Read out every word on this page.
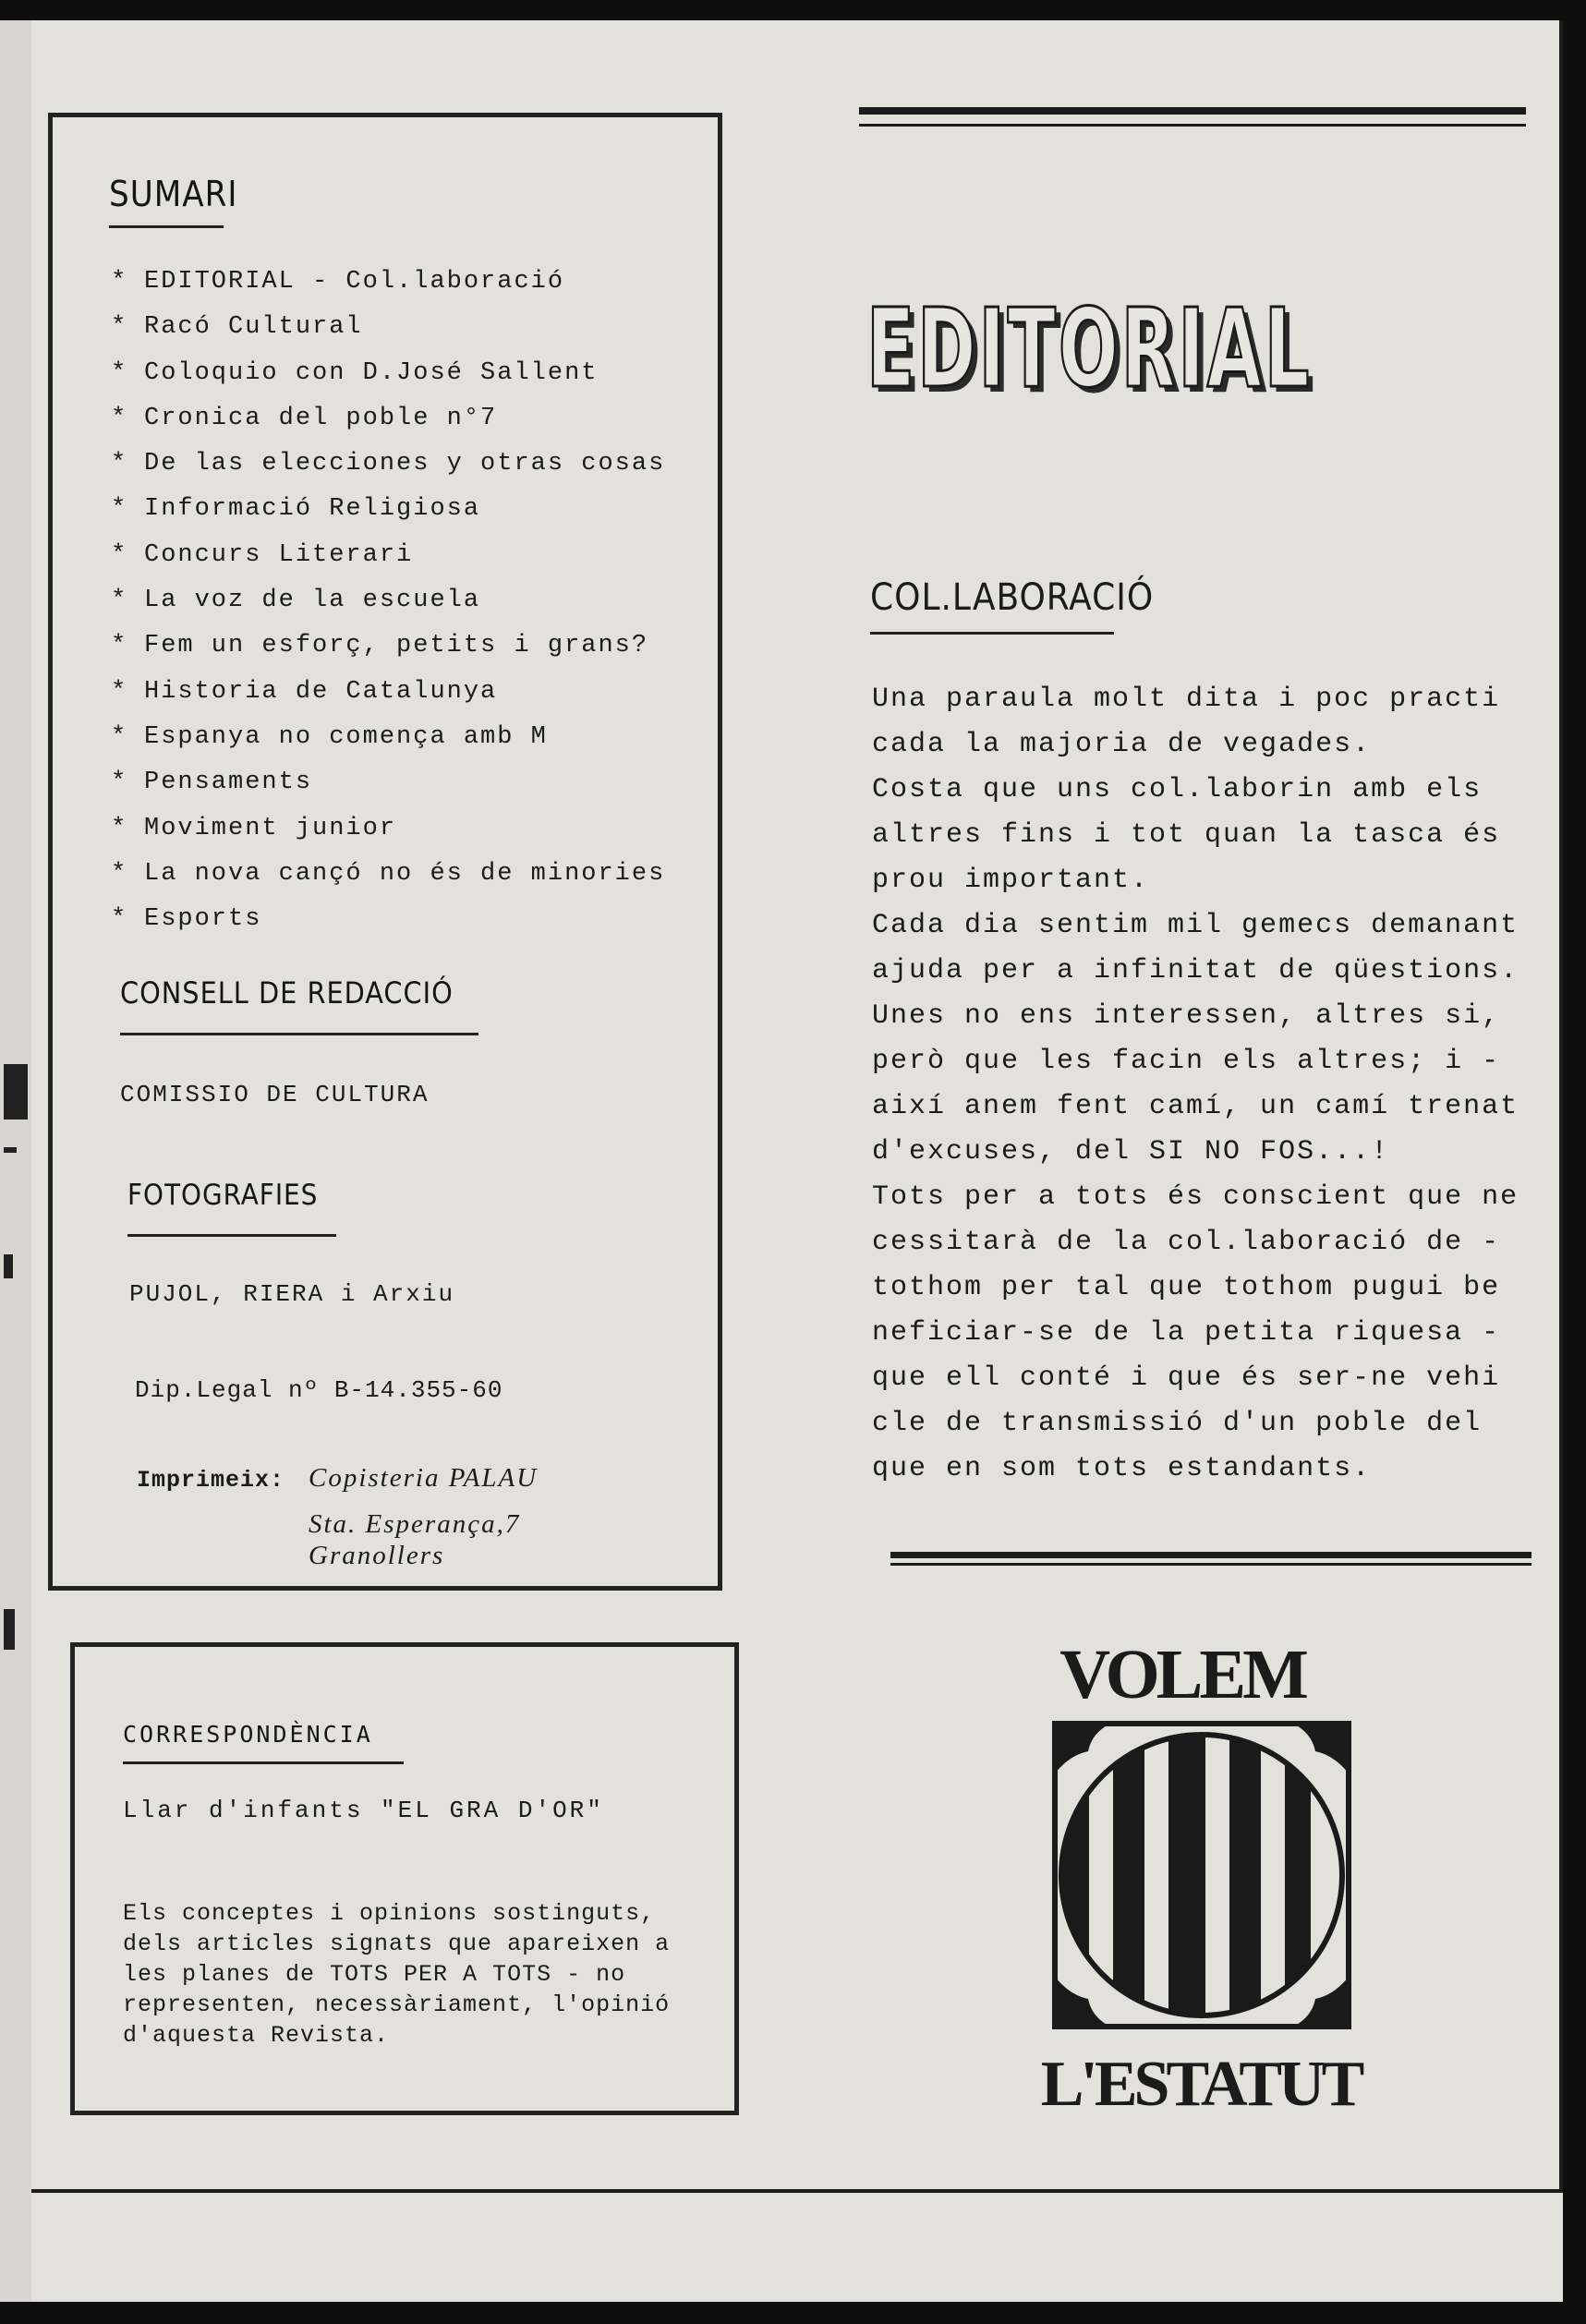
SUMARI
* EDITORIAL - Col.laboració
* Racó Cultural
* Coloquio con D.José Sallent
* Cronica del poble n°7
* De las elecciones y otras cosas
* Informació Religiosa
* Concurs Literari
* La voz de la escuela
* Fem un esforç, petits i grans?
* Historia de Catalunya
* Espanya no comença amb M
* Pensaments
* Moviment junior
* La nova cançó no és de minories
* Esports
CONSELL DE REDACCIÓ
COMISSIO DE CULTURA
FOTOGRAFIES
PUJOL, RIERA i Arxiu
Dip.Legal nº B-14.355-60
Imprimeix: Copisteria PALAU
Sta. Esperança,7
Granollers
CORRESPONDÈNCIA
Llar d'infants "EL GRA D'OR"
Els conceptes i opinions sostinguts, dels articles signats que apareixen a les planes de TOTS PER A TOTS - no representen, necessàriament, l'opinió d'aquesta Revista.
EDITORIAL
COL.LABORACIÓ
Una paraula molt dita i poc practi
cada la majoria de vegades.
Costa que uns col.laborin amb els
altres fins i tot quan la tasca és
prou important.
Cada dia sentim mil gemecs demanant
ajuda per a infinitat de qüestions.
Unes no ens interessen, altres si,
però que les facin els altres; i -
així anem fent camí, un camí trenat
d'excuses, del SI NO FOS...!
Tots per a tots és conscient que ne
cessitarà de la col.laboració de -
tothom per tal que tothom pugui be
neficiar-se de la petita riquesa -
que ell conté i que és ser-ne vehi
cle de transmissió d'un poble del
que en som tots estandants.
VOLEM
L'ESTATUT
